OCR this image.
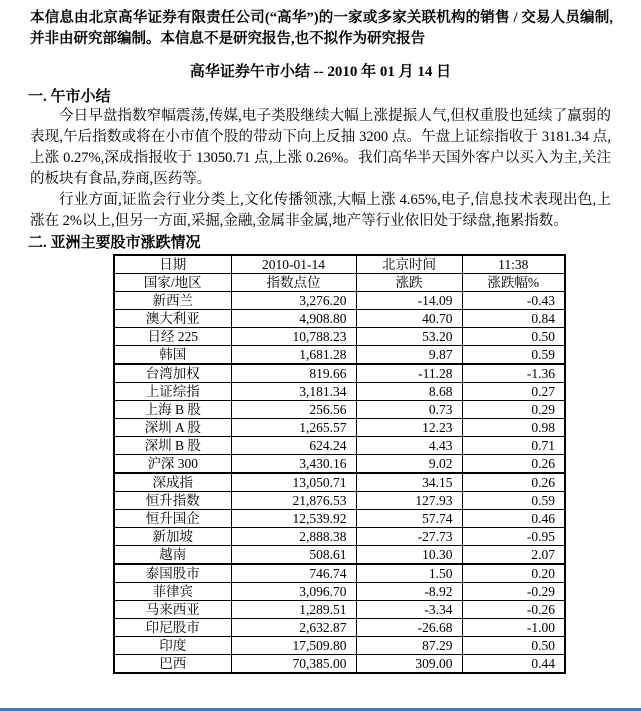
本信息由北京高华证券有限责任公司(“高华”)的一家或多家关联机构的销售 / 交易人员编制,并非由研究部编制。本信息不是研究报告,也不拟作为研究报告

高华证券午市小结 -- 2010 年 01 月 14 日
一. 午市小结

今日早盘指数窄幅震荡,传媒,电子类股继续大幅上涨提振人气,但权重股也延续了羸弱的表现,午后指数或将在小市值个股的带动下向上反抽 3200 点。午盘上证综指收于 3181.34 点, 上涨 0.27%,深成指报收于 13050.71 点,上涨 0.26%。我们高华半天国外客户以买入为主,关注的板块有食品,券商,医药等。

行业方面,证监会行业分类上,文化传播领涨,大幅上涨 4.65%,电子,信息技术表现出色,上涨在 2%以上,但另一方面,采掘,金融,金属非金属,地产等行业依旧处于绿盘,拖累指数。

二. 亚洲主要股市涨跌情况
日期	2010-01-14	北京时间	11:38
国家/地区	指数点位	涨跌	涨跌幅%
新西兰	3,276.20	-14.09	-0.43
澳大利亚	4,908.80	40.70	0.84
日经 225	10,788.23	53.20	0.50
韩国	1,681.28	9.87	0.59
台湾加权	819.66	-11.28	-1.36
上证综指	3,181.34	8.68	0.27
上海 B 股	256.56	0.73	0.29
深圳 A 股	1,265.57	12.23	0.98
深圳 B 股	624.24	4.43	0.71
沪深 300	3,430.16	9.02	0.26
深成指	13,050.71	34.15	0.26
恒升指数	21,876.53	127.93	0.59
恒升国企	12,539.92	57.74	0.46
新加坡	2,888.38	-27.73	-0.95
越南	508.61	10.30	2.07
泰国股市	746.74	1.50	0.20
菲律宾	3,096.70	-8.92	-0.29
马来西亚	1,289.51	-3.34	-0.26
印尼股市	2,632.87	-26.68	-1.00
印度	17,509.80	87.29	0.50
巴西	70,385.00	309.00	0.44
